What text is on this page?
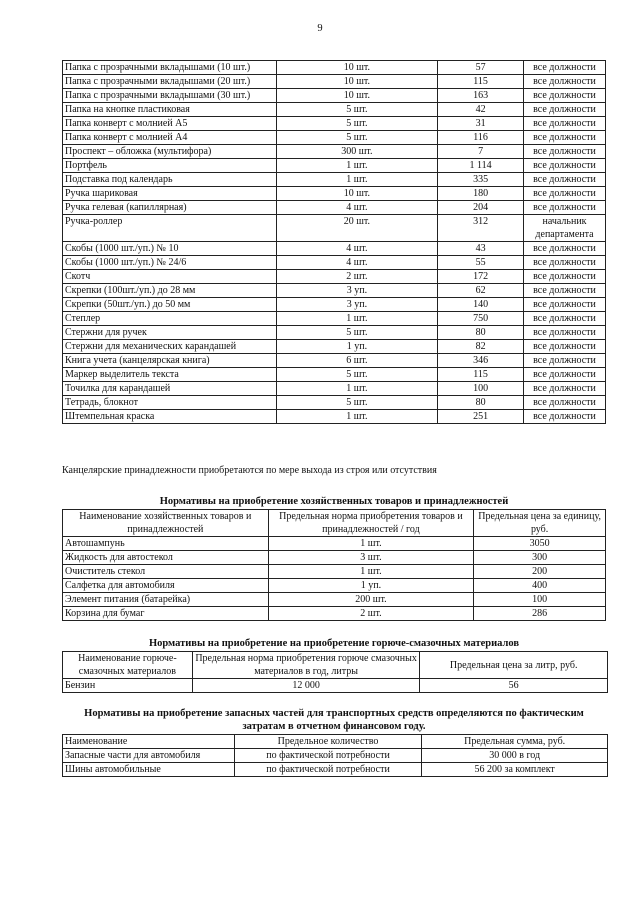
9
Папка с прозрачными вкладышами (10 шт.)	10 шт.	57	все должности
Папка с прозрачными вкладышами (20 шт.)	10 шт.	115	все должности
Папка с прозрачными вкладышами (30 шт.)	10 шт.	163	все должности
Папка на кнопке пластиковая	5 шт.	42	все должности
Папка конверт с молнией А5	5 шт.	31	все должности
Папка конверт с молнией А4	5 шт.	116	все должности
Проспект – обложка (мультифора)	300 шт.	7	все должности
Портфель	1 шт.	1 114	все должности
Подставка под календарь	1 шт.	335	все должности
Ручка шариковая	10 шт.	180	все должности
Ручка гелевая (капиллярная)	4 шт.	204	все должности
Ручка-роллер	20 шт.	312	начальник департамента
Скобы (1000 шт./уп.) № 10	4 шт.	43	все должности
Скобы (1000 шт./уп.) № 24/6	4 шт.	55	все должности
Скотч	2 шт.	172	все должности
Скрепки (100шт./уп.) до 28 мм	3 уп.	62	все должности
Скрепки (50шт./уп.) до 50 мм	3 уп.	140	все должности
Степлер	1 шт.	750	все должности
Стержни для ручек	5 шт.	80	все должности
Стержни для механических карандашей	1 уп.	82	все должности
Книга учета (канцелярская книга)	6 шт.	346	все должности
Маркер выделитель текста	5 шт.	115	все должности
Точилка для карандашей	1 шт.	100	все должности
Тетрадь, блокнот	5 шт.	80	все должности
Штемпельная краска	1 шт.	251	все должности
Канцелярские принадлежности приобретаются по мере выхода из строя или отсутствия
Нормативы на приобретение хозяйственных товаров и принадлежностей
Наименование хозяйственных товаров и принадлежностей	Предельная норма приобретения товаров и принадлежностей / год	Предельная цена за единицу, руб.
Автошампунь	1 шт.	3050
Жидкость для автостекол	3 шт.	300
Очиститель стекол	1 шт.	200
Салфетка для автомобиля	1 уп.	400
Элемент питания (батарейка)	200 шт.	100
Корзина для бумаг	2 шт.	286
Нормативы на приобретение на приобретение горюче-смазочных материалов
Наименование горюче-смазочных материалов	Предельная норма приобретения горюче смазочных материалов в год, литры	Предельная цена за литр, руб.
Бензин	12 000	56
Нормативы на приобретение запасных частей для транспортных средств определяются по фактическим затратам в отчетном финансовом году.
Наименование	Предельное количество	Предельная сумма, руб.
Запасные части для автомобиля	по фактической потребности	30 000 в год
Шины автомобильные	по фактической потребности	56 200 за комплект
